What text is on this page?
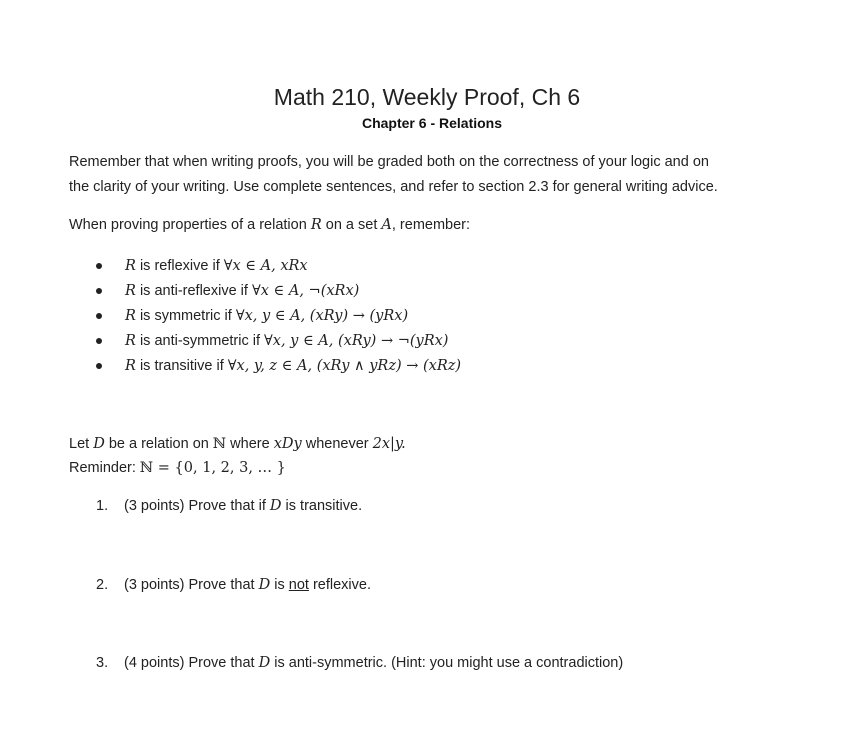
Math 210, Weekly Proof, Ch 6
Chapter 6 - Relations
Remember that when writing proofs, you will be graded both on the correctness of your logic and on
the clarity of your writing. Use complete sentences, and refer to section 2.3 for general writing advice.
When proving properties of a relation R on a set A, remember:
R is reflexive if ∀x ∈ A, xRx
R is anti-reflexive if ∀x ∈ A, ¬(xRx)
R is symmetric if ∀x, y ∈ A, (xRy) → (yRx)
R is anti-symmetric if ∀x, y ∈ A, (xRy) → ¬(yRx)
R is transitive if ∀x, y, z ∈ A, (xRy ∧ yRz) → (xRz)
Let D be a relation on ℕ where xDy whenever 2x|y.
Reminder: ℕ = {0, 1, 2, 3, … }
1. (3 points) Prove that if D is transitive.
2. (3 points) Prove that D is not reflexive.
3. (4 points) Prove that D is anti-symmetric. (Hint: you might use a contradiction)
